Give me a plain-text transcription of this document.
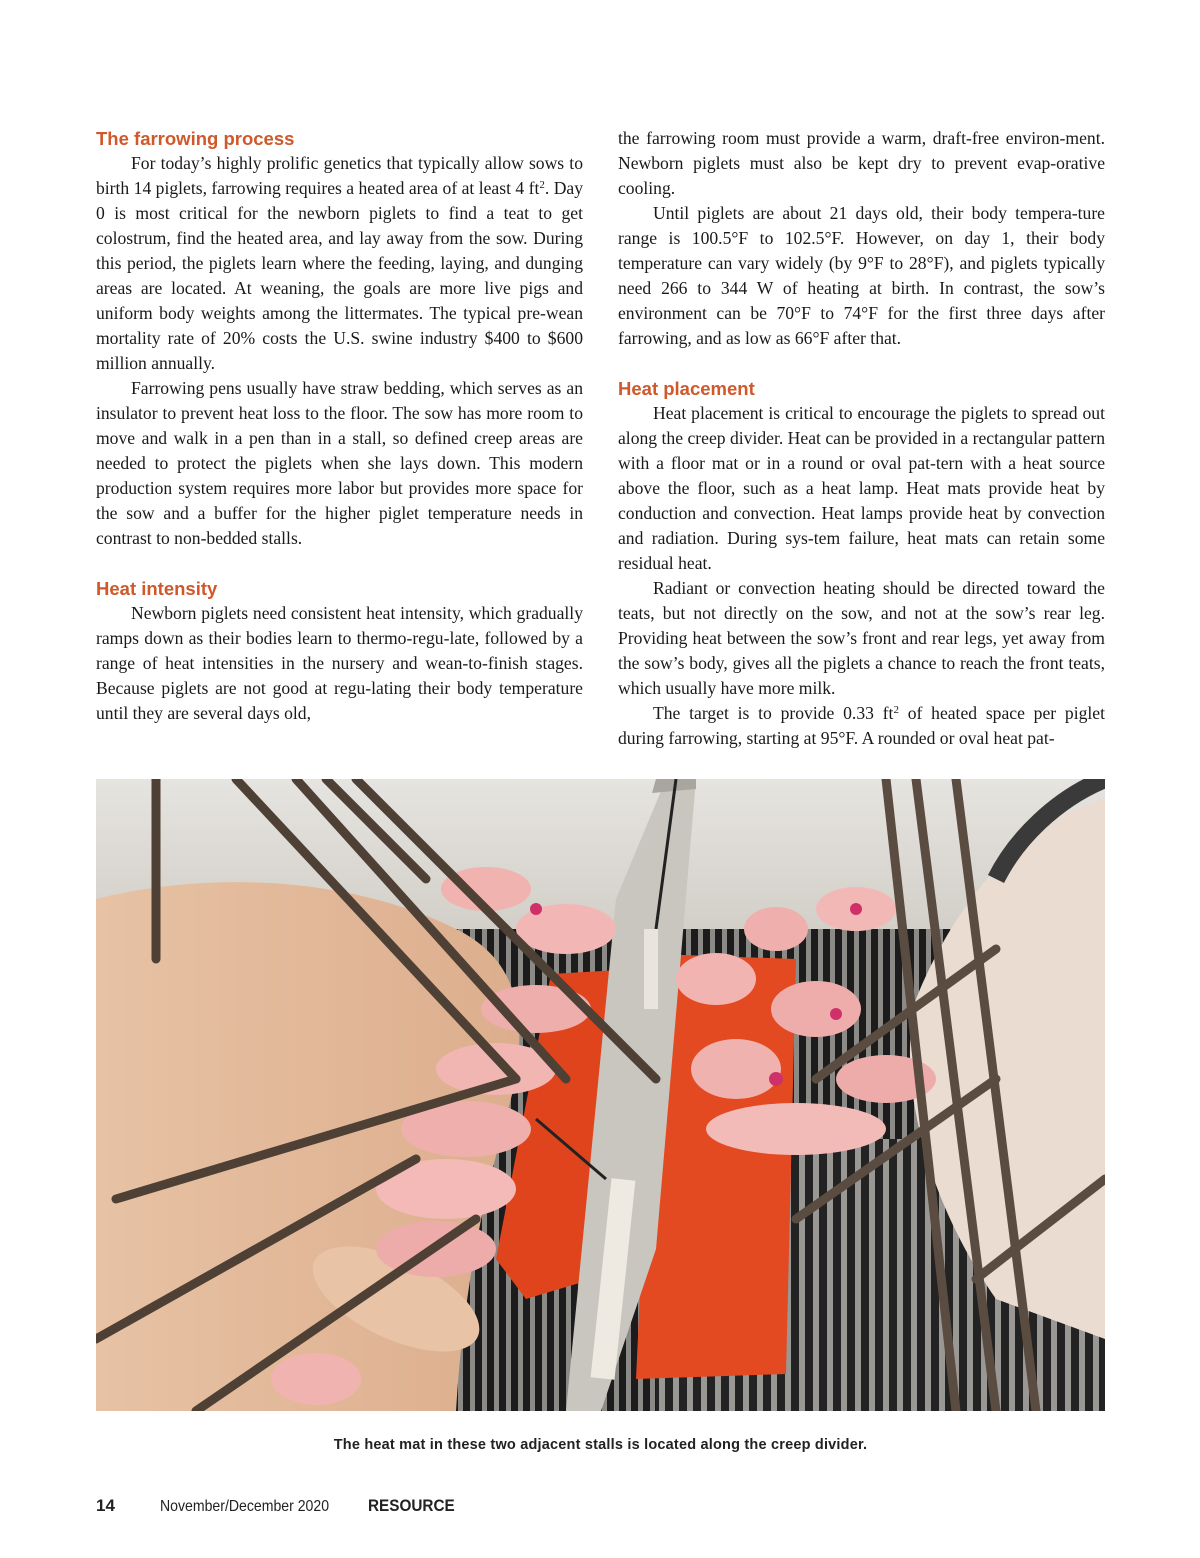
The farrowing process

For today’s highly prolific genetics that typically allow sows to birth 14 piglets, farrowing requires a heated area of at least 4 $ft^2$. Day 0 is most critical for the newborn piglets to find a teat to get colostrum, find the heated area, and lay away from the sow. During this period, the piglets learn where the feeding, laying, and dunging areas are located. At weaning, the goals are more live pigs and uniform body weights among the littermates. The typical pre-wean mortality rate of 20% costs the U.S. swine industry $400 to $600 million annually.

Farrowing pens usually have straw bedding, which serves as an insulator to prevent heat loss to the floor. The sow has more room to move and walk in a pen than in a stall, so defined creep areas are needed to protect the piglets when she lays down. This modern production system requires more labor but provides more space for the sow and a buffer for the higher piglet temperature needs in contrast to non-bedded stalls.

Heat intensity

Newborn piglets need consistent heat intensity, which gradually ramps down as their bodies learn to thermo-regu-late, followed by a range of heat intensities in the nursery and wean-to-finish stages. Because piglets are not good at regu-lating their body temperature until they are several days old,

the farrowing room must provide a warm, draft-free environ-ment. Newborn piglets must also be kept dry to prevent evap-orative cooling.

Until piglets are about 21 days old, their body tempera-ture range is 100.5°F to 102.5°F. However, on day 1, their body temperature can vary widely (by 9°F to 28°F), and piglets typically need 266 to 344 W of heating at birth. In contrast, the sow’s environment can be 70°F to 74°F for the first three days after farrowing, and as low as 66°F after that.

Heat placement

Heat placement is critical to encourage the piglets to spread out along the creep divider. Heat can be provided in a rectangular pattern with a floor mat or in a round or oval pat-tern with a heat source above the floor, such as a heat lamp. Heat mats provide heat by conduction and convection. Heat lamps provide heat by convection and radiation. During sys-tem failure, heat mats can retain some residual heat.

Radiant or convection heating should be directed toward the teats, but not directly on the sow, and not at the sow’s rear leg. Providing heat between the sow’s front and rear legs, yet away from the sow’s body, gives all the piglets a chance to reach the front teats, which usually have more milk.

The target is to provide 0.33 $ft^2$ of heated space per piglet during farrowing, starting at 95°F. A rounded or oval heat pat-

The heat mat in these two adjacent stalls is located along the creep divider.
14	November/December 2020	RESOURCE
